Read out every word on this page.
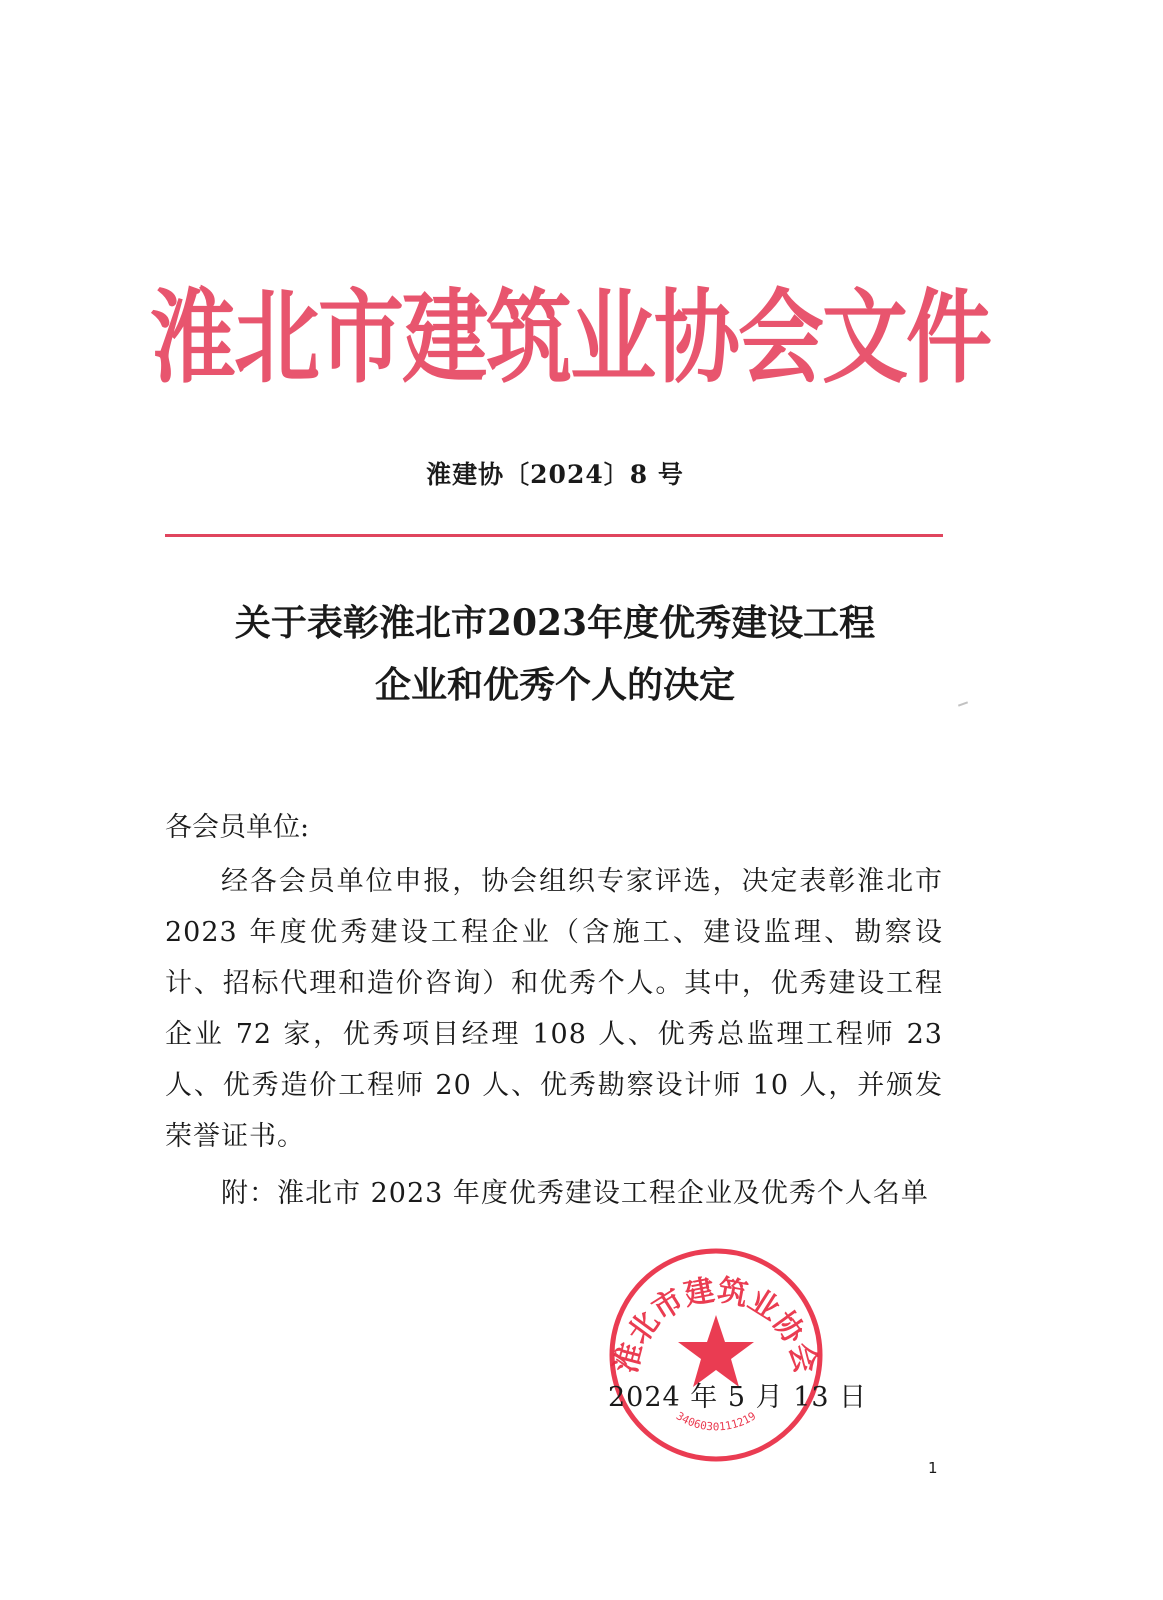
淮北市建筑业协会文件
淮建协〔2024〕8 号
关于表彰淮北市2023年度优秀建设工程
企业和优秀个人的决定
各会员单位:
经各会员单位申报，协会组织专家评选，决定表彰淮北市 2023 年度优秀建设工程企业（含施工、建设监理、勘察设计、招标代理和造价咨询）和优秀个人。其中，优秀建设工程企业 72 家，优秀项目经理 108 人、优秀总监理工程师 23 人、优秀造价工程师 20 人、优秀勘察设计师 10 人，并颁发荣誉证书。
附：淮北市 2023 年度优秀建设工程企业及优秀个人名单
淮北市建筑业协会
3406030111219
2024 年 5 月 13 日
1
